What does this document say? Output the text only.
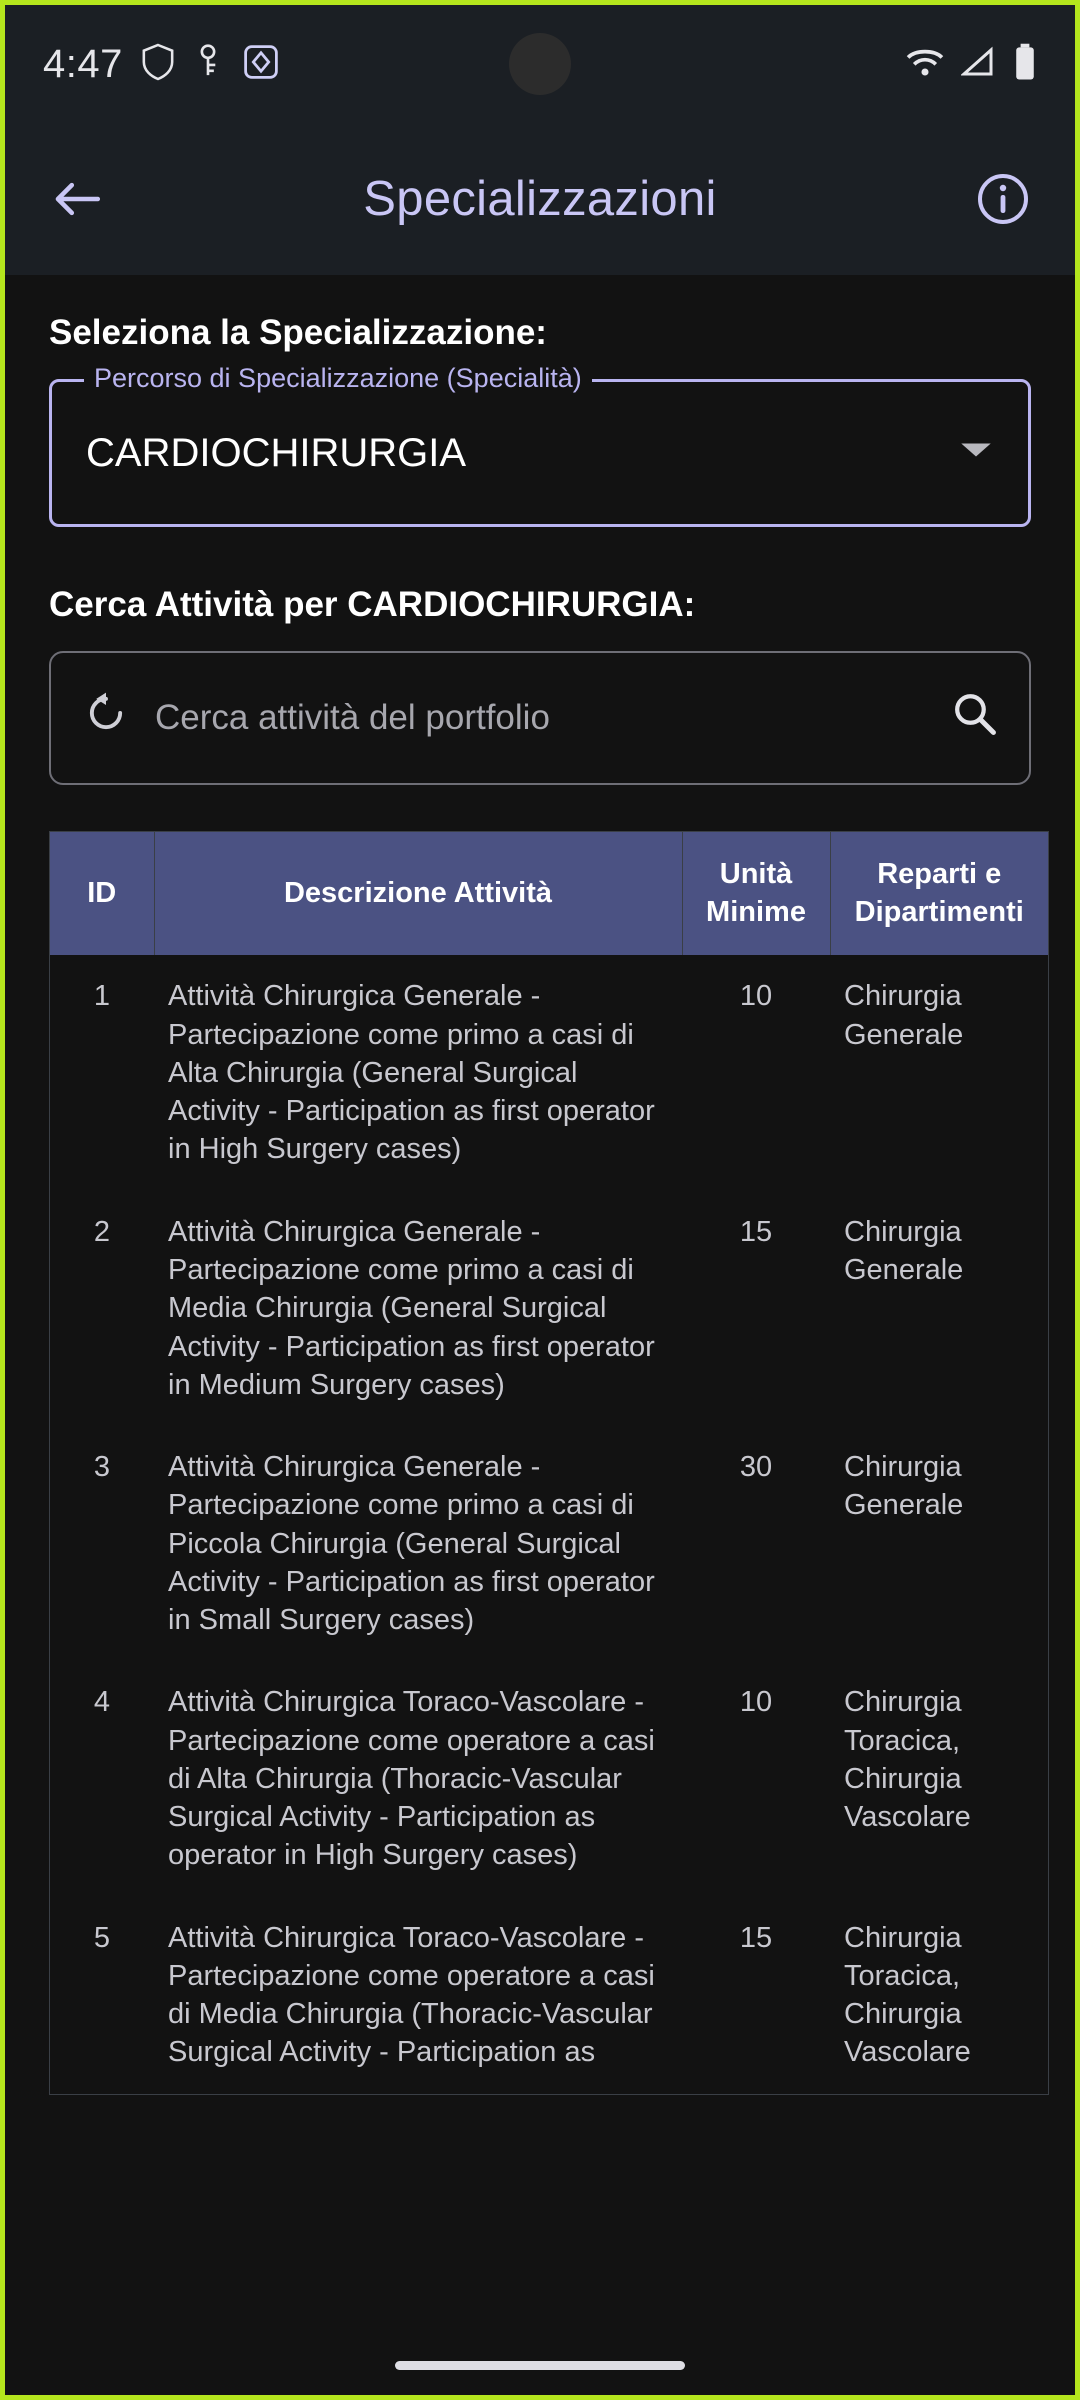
4:47
Specializzazioni
Seleziona la Specializzazione:
Percorso di Specializzazione (Specialità)
CARDIOCHIRURGIA
Cerca Attività per CARDIOCHIRURGIA:
Cerca attività del portfolio
ID	Descrizione Attività	Unità Minime	Reparti e Dipartimenti
1	Attività Chirurgica Generale - Partecipazione come primo a casi di Alta Chirurgia (General Surgical Activity - Participation as first operator in High Surgery cases)	10	Chirurgia Generale
2	Attività Chirurgica Generale - Partecipazione come primo a casi di Media Chirurgia (General Surgical Activity - Participation as first operator in Medium Surgery cases)	15	Chirurgia Generale
3	Attività Chirurgica Generale - Partecipazione come primo a casi di Piccola Chirurgia (General Surgical Activity - Participation as first operator in Small Surgery cases)	30	Chirurgia Generale
4	Attività Chirurgica Toraco-Vascolare - Partecipazione come operatore a casi di Alta Chirurgia (Thoracic-Vascular Surgical Activity - Participation as operator in High Surgery cases)	10	Chirurgia Toracica, Chirurgia Vascolare
5	Attività Chirurgica Toraco-Vascolare - Partecipazione come operatore a casi di Media Chirurgia (Thoracic-Vascular Surgical Activity - Participation as	15	Chirurgia Toracica, Chirurgia Vascolare
